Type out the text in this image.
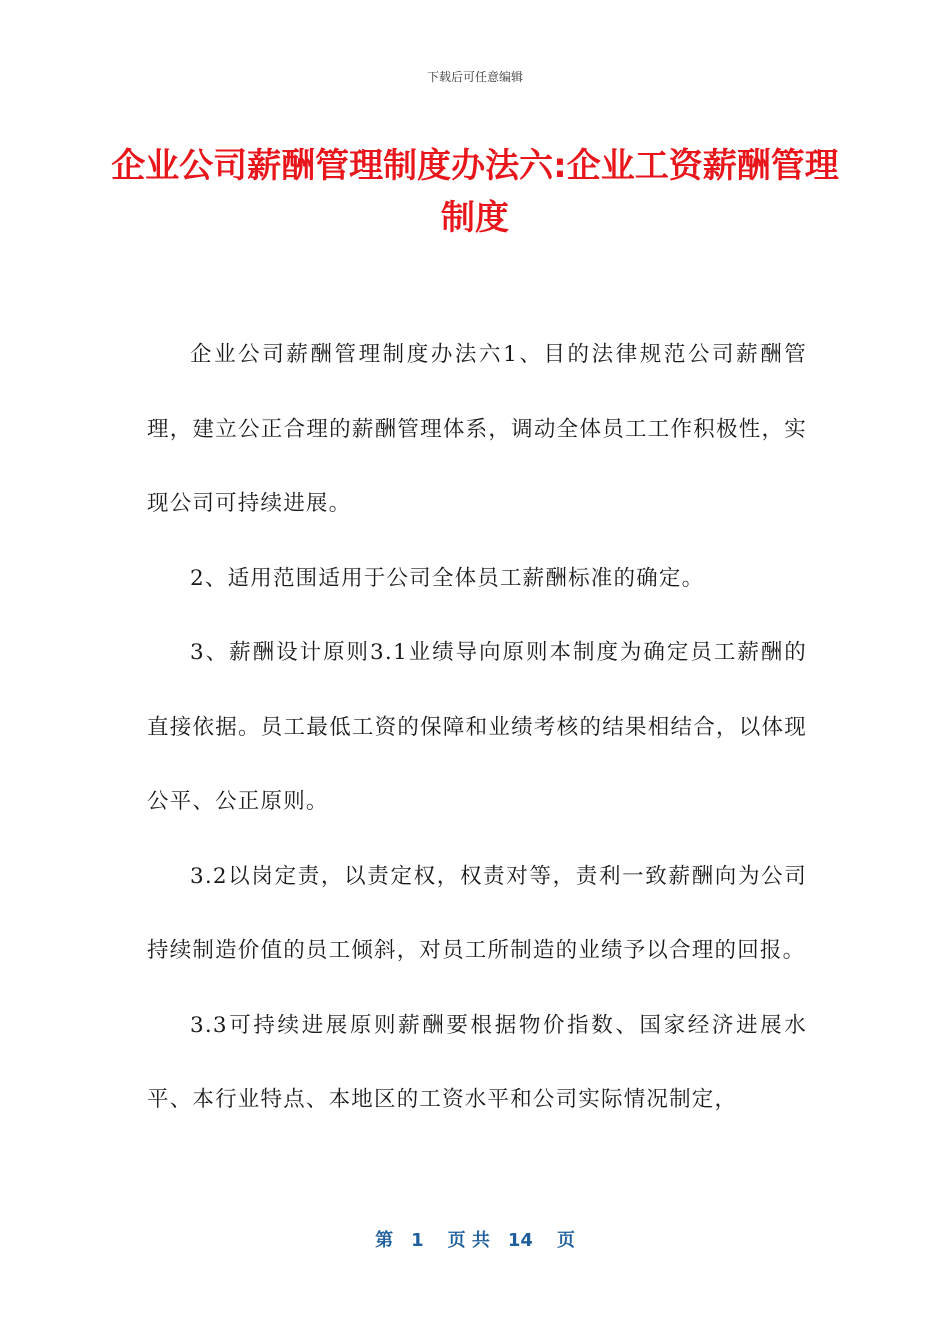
下载后可任意编辑
企业公司薪酬管理制度办法六:企业工资薪酬管理制度

企业公司薪酬管理制度办法六1、目的法律规范公司薪酬管理，建立公正合理的薪酬管理体系，调动全体员工工作积极性，实现公司可持续进展。

2、适用范围适用于公司全体员工薪酬标准的确定。

3、薪酬设计原则3.1业绩导向原则本制度为确定员工薪酬的直接依据。员工最低工资的保障和业绩考核的结果相结合，以体现公平、公正原则。

3.2以岗定责，以责定权，权责对等，责利一致薪酬向为公司持续制造价值的员工倾斜，对员工所制造的业绩予以合理的回报。

3.3可持续进展原则薪酬要根据物价指数、国家经济进展水平、本行业特点、本地区的工资水平和公司实际情况制定，

第 1 页 共 14 页
